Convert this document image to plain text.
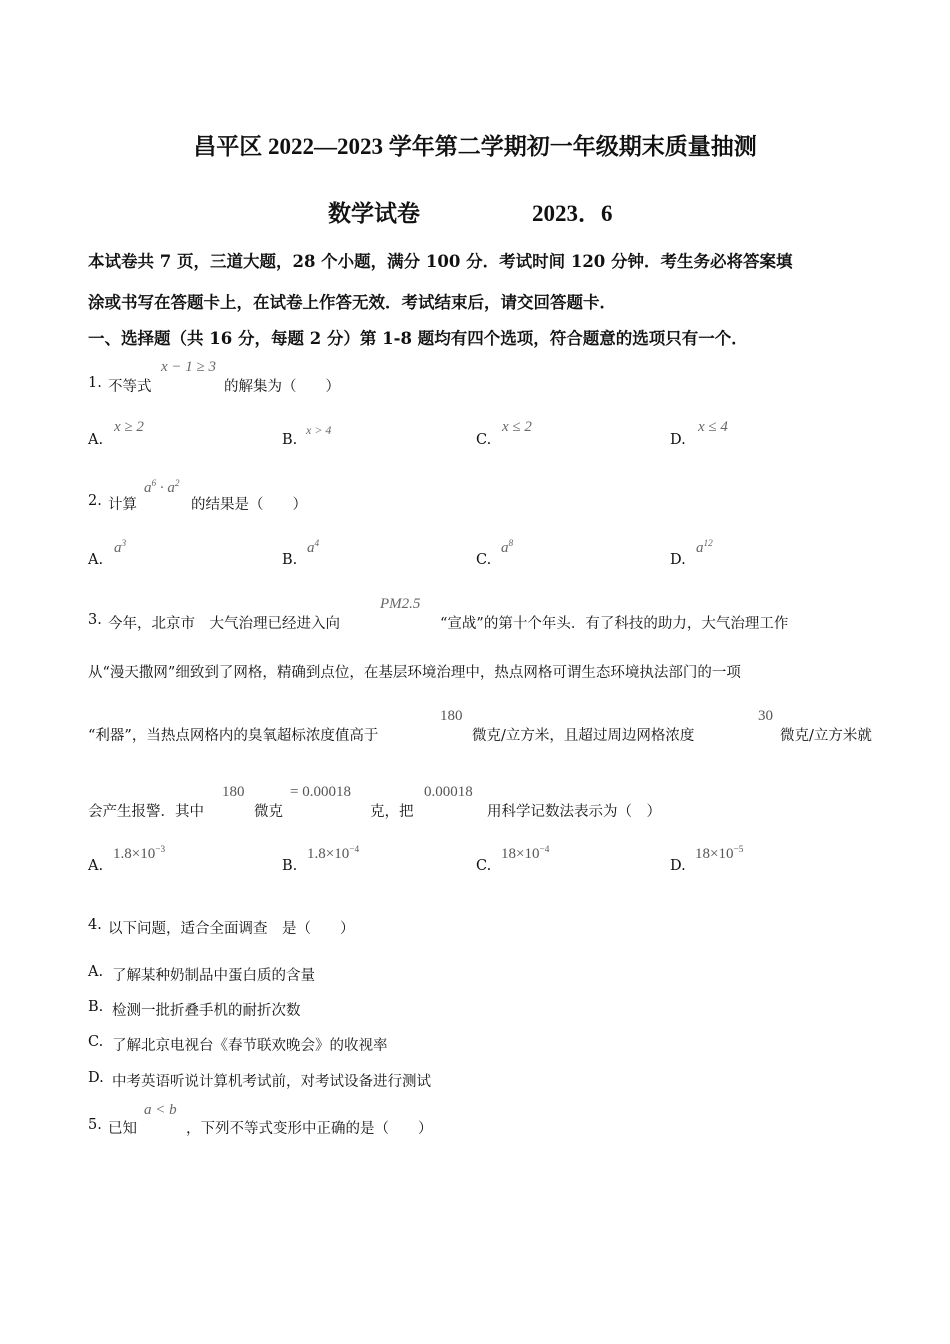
昌平区 2022—2023 学年第二学期初一年级期末质量抽测
数学试卷	2023．6
本试卷共 7 页，三道大题，28 个小题，满分 100 分．考试时间 120 分钟．考生务必将答案填
涂或书写在答题卡上，在试卷上作答无效．考试结束后，请交回答题卡．
一、选择题（共 16 分，每题 2 分）第 1-8 题均有四个选项，符合题意的选项只有一个．
1. 不等式
x − 1 ≥ 3
的解集为（　　）
A.
x ≥ 2
B.
x > 4
C.
x ≤ 2
D.
x ≤ 4
2. 计算
$a^6 \cdot a^2$
的结果是（　　）
A.
$a^3$
B.
$a^4$
C.
$a^8$
D.
$a^{12}$
3. 今年，北京市　大气治理已经进入向
PM2.5
“宣战”的第十个年头．有了科技的助力，大气治理工作
从“漫天撒网”细致到了网格，精确到点位，在基层环境治理中，热点网格可谓生态环境执法部门的一项
“利器”，当热点网格内的臭氧超标浓度值高于
180
微克/立方米，且超过周边网格浓度
30
微克/立方米就
会产生报警．其中
180
微克
= 0.00018
克，把
0.00018
用科学记数法表示为（　）
A.
$1.8\times 10^{-3}$
B.
$1.8\times 10^{-4}$
C.
$18\times 10^{-4}$
D.
$18\times 10^{-5}$
4. 以下问题，适合全面调查　是（　　）
A. 了解某种奶制品中蛋白质的含量
B. 检测一批折叠手机的耐折次数
C. 了解北京电视台《春节联欢晚会》的收视率
D. 中考英语听说计算机考试前，对考试设备进行测试
5. 已知
a < b
，下列不等式变形中正确的是（　　）
